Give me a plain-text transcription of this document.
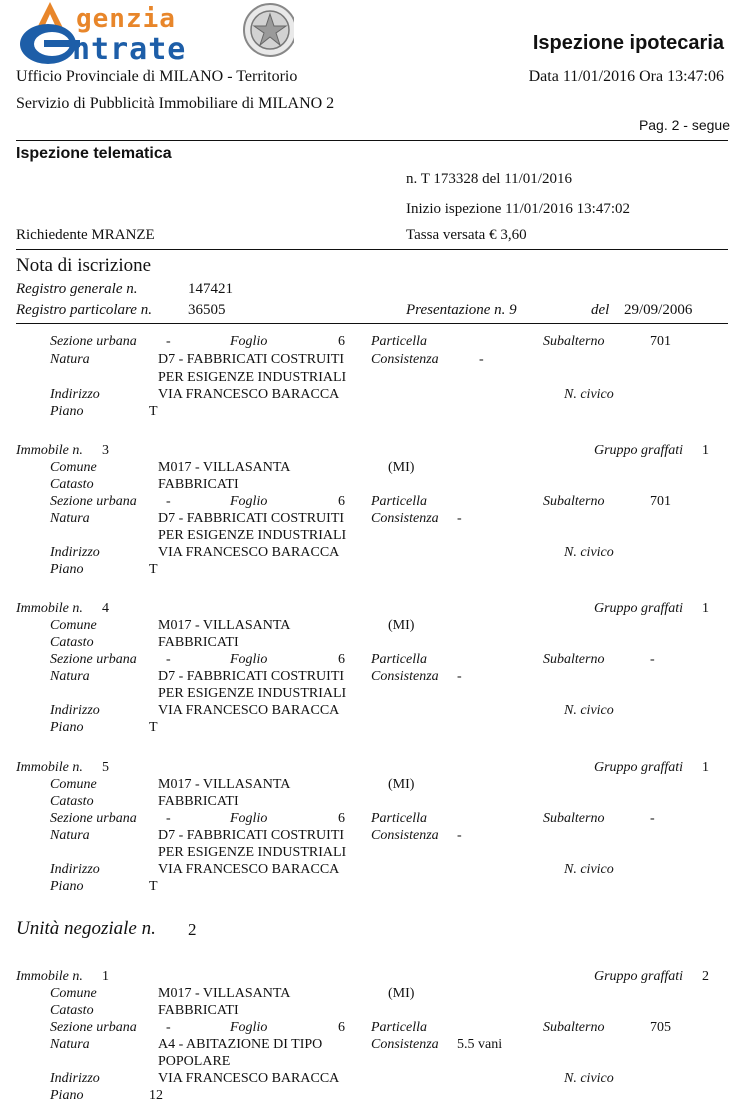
genzia
ntrate	Ispezione ipotecaria
Ufficio Provinciale di MILANO - Territorio	Data 11/01/2016 Ora 13:47:06
Servizio di Pubblicità Immobiliare di MILANO 2
Pag. 2 - segue
Ispezione telematica
n. T 173328 del 11/01/2016
Inizio ispezione 11/01/2016 13:47:02
Richiedente MRANZE	Tassa versata € 3,60
Nota di iscrizione
Registro generale n.	147421
Registro particolare n. 36505	Presentazione n. 9	del 29/09/2006
Sezione urbana -	Foglio	6 Particella	Subalterno	701
Natura	D7 - FABBRICATI COSTRUITI
PER ESIGENZE INDUSTRIALI
Consistenza	-
Indirizzo	VIA FRANCESCO BARACCA	N. civico
Piano	T
Immobile n. 3	Gruppo graffati 1
Comune	M017 - VILLASANTA	(MI)
Catasto	FABBRICATI
Sezione urbana -	Foglio	6 Particella	Subalterno	701
Natura	D7 - FABBRICATI COSTRUITI
PER ESIGENZE INDUSTRIALI
Consistenza -
Indirizzo	VIA FRANCESCO BARACCA	N. civico
Piano	T
Immobile n. 4	Gruppo graffati 1
Comune	M017 - VILLASANTA	(MI)
Catasto	FABBRICATI
Sezione urbana -	Foglio	6 Particella	Subalterno	-
Natura	D7 - FABBRICATI COSTRUITI
PER ESIGENZE INDUSTRIALI
Consistenza -
Indirizzo	VIA FRANCESCO BARACCA	N. civico
Piano	T
Immobile n. 5	Gruppo graffati 1
Comune	M017 - VILLASANTA	(MI)
Catasto	FABBRICATI
Sezione urbana -	Foglio	6 Particella	Subalterno	-
Natura	D7 - FABBRICATI COSTRUITI
PER ESIGENZE INDUSTRIALI
Consistenza -
Indirizzo	VIA FRANCESCO BARACCA	N. civico
Piano	T
Immobile n. 1	Gruppo graffati 2
Comune	M017 - VILLASANTA	(MI)
Catasto	FABBRICATI
Sezione urbana -	Foglio	6 Particella	Subalterno	705
Natura	A4 - ABITAZIONE DI TIPO
POPOLARE
Consistenza 5.5 vani
Indirizzo	VIA FRANCESCO BARACCA	N. civico
Piano	12
Unità negoziale n. 2
